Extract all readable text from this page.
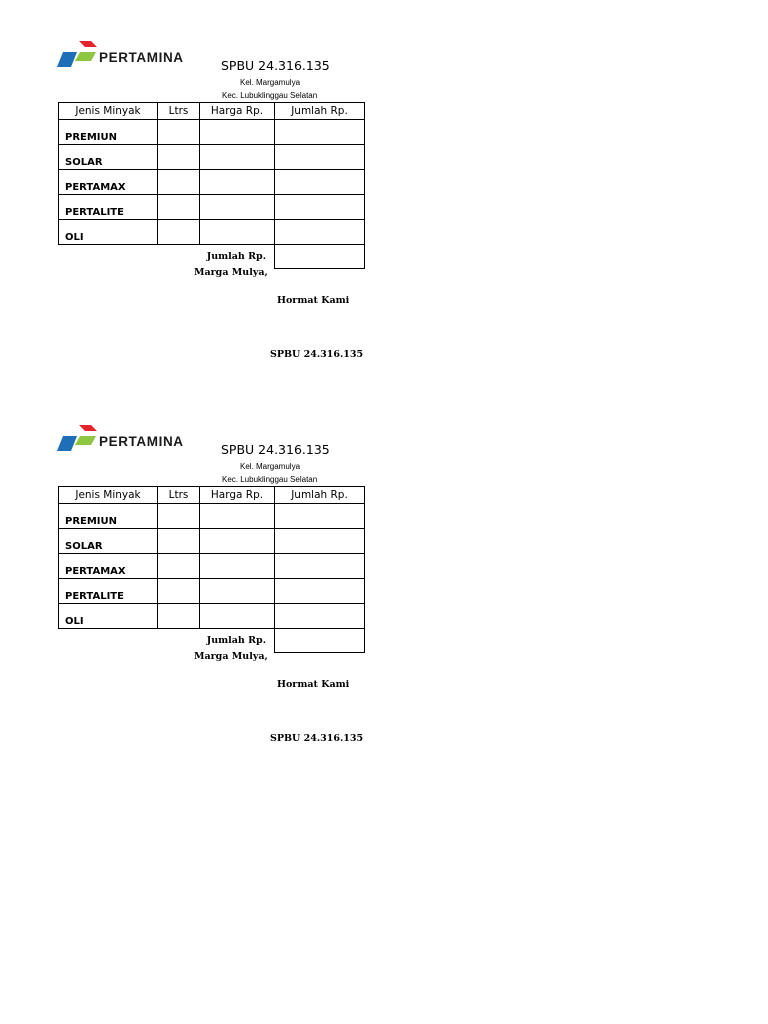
PERTAMINA
SPBU 24.316.135
Kel. Margamulya
Kec. Lubuklinggau Selatan
Jenis Minyak	Ltrs	Harga Rp.	Jumlah Rp.
PREMIUN			
SOLAR			
PERTAMAX			
PERTALITE			
OLI			
	Jumlah Rp.		
Marga Mulya,
Hormat Kami
SPBU 24.316.135
PERTAMINA
SPBU 24.316.135
Kel. Margamulya
Kec. Lubuklinggau Selatan
Jenis Minyak	Ltrs	Harga Rp.	Jumlah Rp.
PREMIUN			
SOLAR			
PERTAMAX			
PERTALITE			
OLI			
	Jumlah Rp.		
Marga Mulya,
Hormat Kami
SPBU 24.316.135
